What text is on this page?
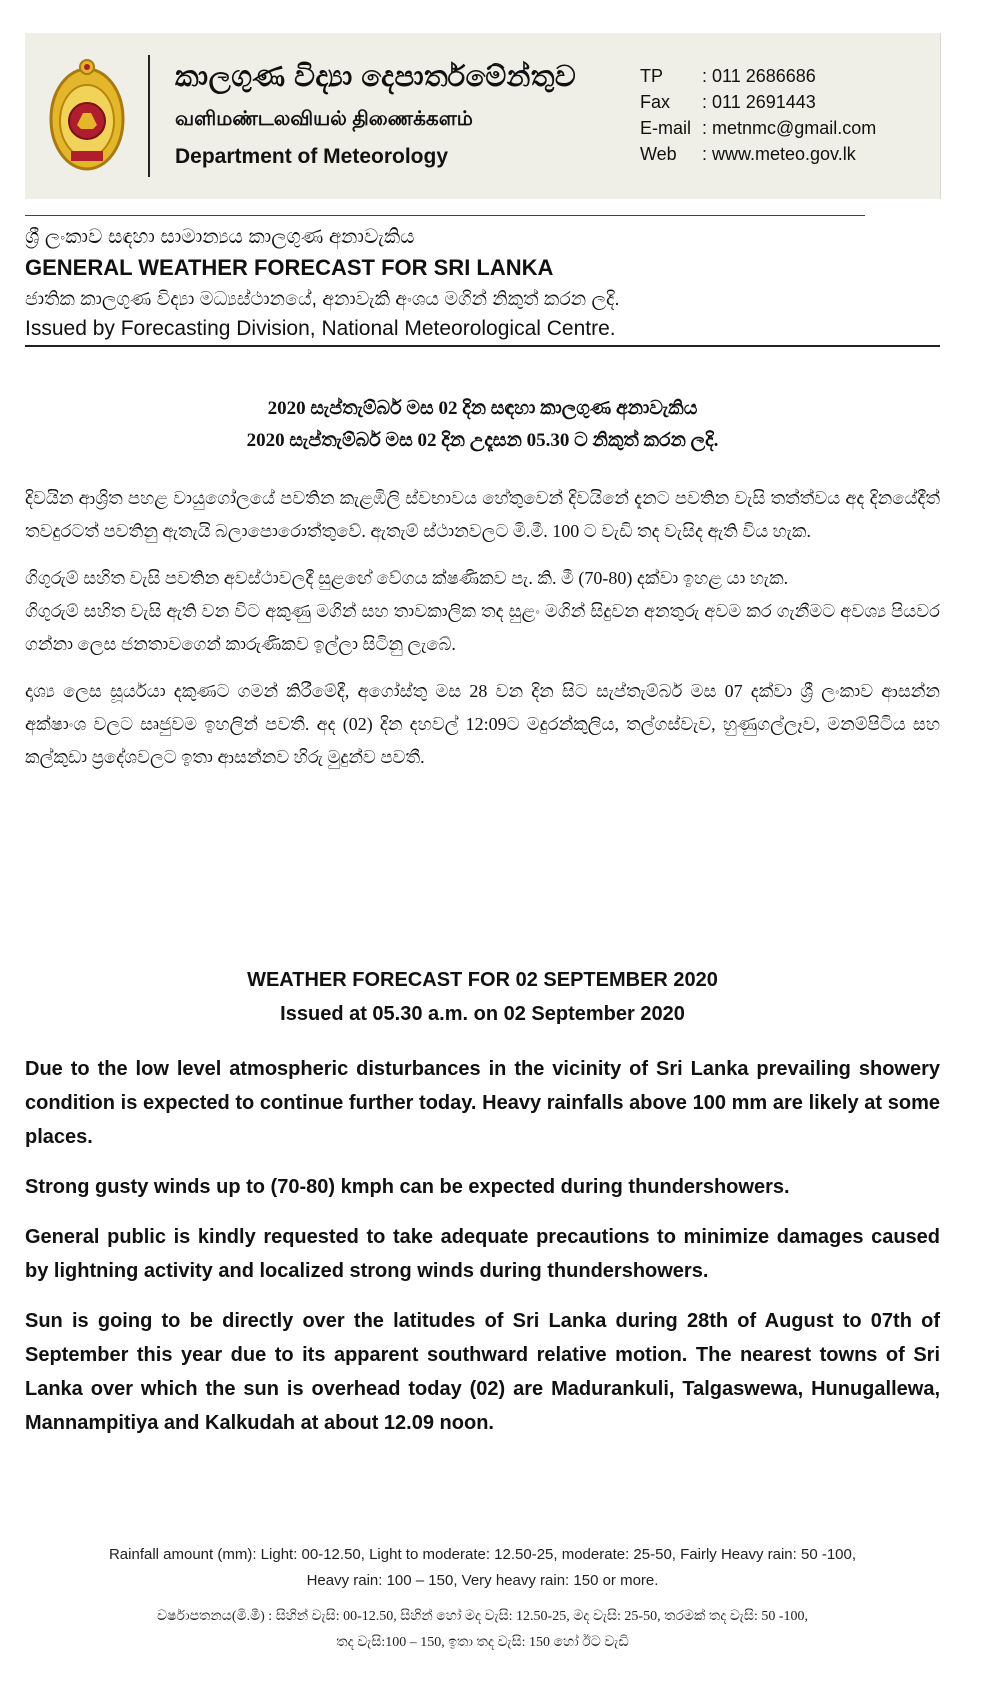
කාලගුණ විද්‍යා දෙපාර්තමේන්තුව
வளிமண்டலவியல் திணைக்களம்
Department of Meteorology
TP	: 011 2686686
Fax	: 011 2691443
E-mail : metnmc@gmail.com
Web	: www.meteo.gov.lk
ශ්‍රී ලංකාව සඳහා සාමාන්‍යය කාලගුණ අනාවැකිය
GENERAL WEATHER FORECAST FOR SRI LANKA
ජාතික කාලගුණ විද්‍යා මධ්‍යස්ථානයේ, අනාවැකි අංශය මගින් නිකුත් කරන ලදි.
Issued by Forecasting Division, National Meteorological Centre.
2020 සැප්තැම්බර් මස 02 දින සඳහා කාලගුණ අනාවැකිය
2020 සැප්තැම්බර් මස 02 දින උදෑසන 05.30 ට නිකුත් කරන ලදි.

දිවයින ආශ්‍රිත පහළ වායුගෝලයේ පවතින කැළඹිලි ස්වභාවය හේතුවෙන් දිවයිනේ දැනට පවතින වැසි තත්ත්වය අද දිනයේදීත් තවදුරටත් පවතිනු ඇතැයි බලාපොරොත්තුවේ. ඇතැම් ස්ථානවලට මි.මී. 100 ට වැඩි තද වැසිද ඇති විය හැක.

ගිගුරුම් සහිත වැසි පවතින අවස්ථාවලදී සුළඟේ වේගය ක්ෂණිකව පැ. කි. මී (70-80) දක්වා ඉහළ යා හැක.
ගිගුරුම් සහිත වැසි ඇති වන විට අකුණු මගින් සහ තාවකාලික තද සුළං මගින් සිදුවන අනතුරු අවම කර ගැනීමට අවශ්‍ය පියවර ගන්නා ලෙස ජනතාවගෙන් කාරුණිකව ඉල්ලා සිටිනු ලැබේ.

දෘශ්‍ය ලෙස සූර්යයා දකුණට ගමන් කිරීමේදී, අගෝස්තු මස 28 වන දින සිට සැප්තැම්බර් මස 07 දක්වා ශ්‍රී ලංකාව ආසන්න අක්ෂාංශ වලට සෘජුවම ඉහලින් පවතී. අද (02) දින දහවල් 12:09ට මදුරන්කුලිය, තල්ගස්වැව, හුණුගල්ලෑව, මනම්පිටිය සහ කල්කුඩා ප්‍රදේශවලට ඉතා ආසන්නව හිරු මුදුන්ව පවතී.

WEATHER FORECAST FOR 02 SEPTEMBER 2020
Issued at 05.30 a.m. on 02 September 2020

Due to the low level atmospheric disturbances in the vicinity of Sri Lanka prevailing showery condition is expected to continue further today. Heavy rainfalls above 100 mm are likely at some places.

Strong gusty winds up to (70-80) kmph can be expected during thundershowers.

General public is kindly requested to take adequate precautions to minimize damages caused by lightning activity and localized strong winds during thundershowers.

Sun is going to be directly over the latitudes of Sri Lanka during 28th of August to 07th of September this year due to its apparent southward relative motion. The nearest towns of Sri Lanka over which the sun is overhead today (02) are Madurankuli, Talgaswewa, Hunugallewa, Mannampitiya and Kalkudah at about 12.09 noon.

Rainfall amount (mm): Light: 00-12.50, Light to moderate: 12.50-25, moderate: 25-50, Fairly Heavy rain: 50 -100,
Heavy rain: 100 – 150, Very heavy rain: 150 or more.
වර්ෂාපතනය(මි.මී) : සිහින් වැසි: 00-12.50, සිහින් හෝ මද වැසි: 12.50-25, මද වැසි: 25-50, තරමක් තද වැසි: 50 -100,
තද වැසි:100 – 150, ඉතා තද වැසි: 150 හෝ ඊට වැඩි
